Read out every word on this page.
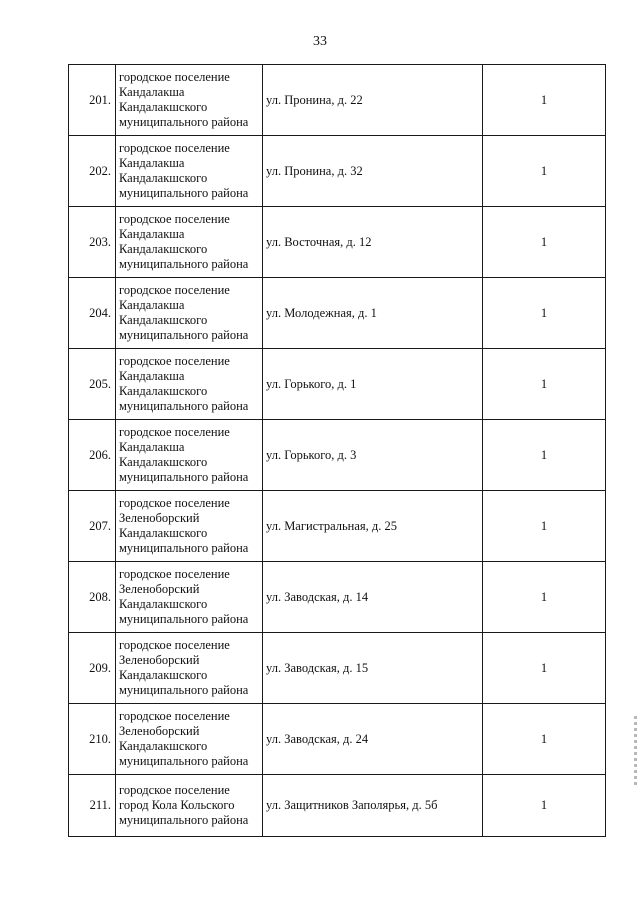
33
201.	городское поселение
Кандалакша
Кандалакшского
муниципального района	ул. Пронина, д. 22	1
202.	городское поселение
Кандалакша
Кандалакшского
муниципального района	ул. Пронина, д. 32	1
203.	городское поселение
Кандалакша
Кандалакшского
муниципального района	ул. Восточная, д. 12	1
204.	городское поселение
Кандалакша
Кандалакшского
муниципального района	ул. Молодежная, д. 1	1
205.	городское поселение
Кандалакша
Кандалакшского
муниципального района	ул. Горького, д. 1	1
206.	городское поселение
Кандалакша
Кандалакшского
муниципального района	ул. Горького, д. 3	1
207.	городское поселение
Зеленоборский
Кандалакшского
муниципального района	ул. Магистральная, д. 25	1
208.	городское поселение
Зеленоборский
Кандалакшского
муниципального района	ул. Заводская, д. 14	1
209.	городское поселение
Зеленоборский
Кандалакшского
муниципального района	ул. Заводская, д. 15	1
210.	городское поселение
Зеленоборский
Кандалакшского
муниципального района	ул. Заводская, д. 24	1
211.	городское поселение
город Кола Кольского
муниципального района	ул. Защитников Заполярья, д. 5б	1
